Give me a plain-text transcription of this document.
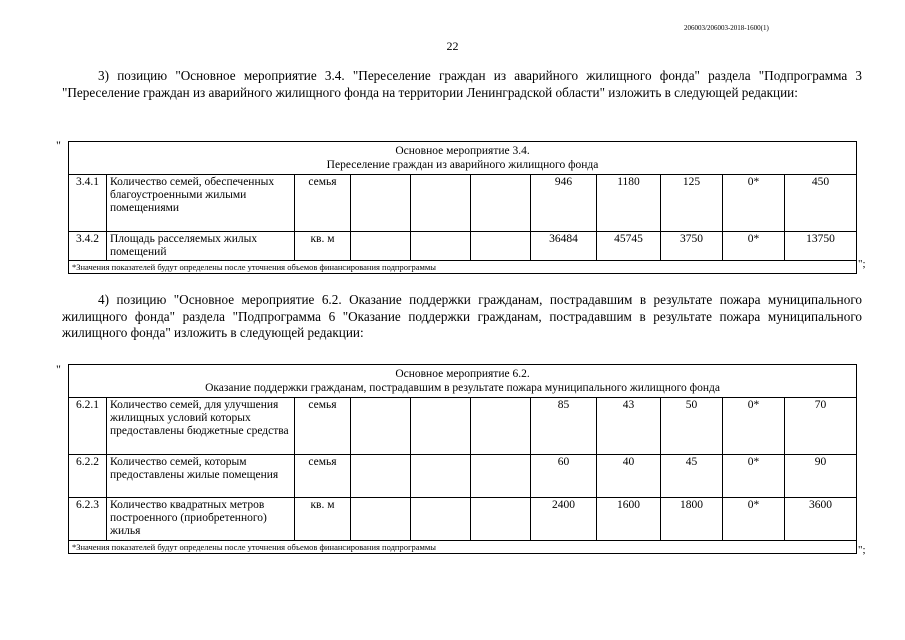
206003/206003-2018-1600(1)
22
3) позицию "Основное мероприятие 3.4. "Переселение граждан из аварийного жилищного фонда" раздела "Подпрограмма 3 "Переселение граждан из аварийного жилищного фонда на территории Ленинградской области" изложить в следующей редакции:
"	Основное мероприятие 3.4.
Переселение граждан из аварийного жилищного фонда										

3.4.1	Количество семей, обеспеченных благоустроенными жилыми помещениями	семья				946	1180	125	0*	450
3.4.2	Площадь расселяемых жилых помещений	кв. м				36484	45745	3750	0*	13750
*Значения показателей будут определены после уточнения объемов финансирования подпрограммы											";
4) позицию "Основное мероприятие 6.2. Оказание поддержки гражданам, пострадавшим в результате пожара муниципального жилищного фонда" раздела "Подпрограмма 6 "Оказание поддержки гражданам, пострадавшим в результате пожара муниципального жилищного фонда" изложить в следующей редакции:
"	Основное мероприятие 6.2.
Оказание поддержки гражданам, пострадавшим в результате пожара муниципального жилищного фонда										

6.2.1	Количество семей, для улучшения жилищных условий которых предоставлены бюджетные средства	семья				85	43	50	0*	70
6.2.2	Количество семей, которым предоставлены жилые помещения	семья				60	40	45	0*	90
6.2.3	Количество квадратных метров построенного (приобретенного) жилья	кв. м				2400	1600	1800	0*	3600
*Значения показателей будут определены после уточнения объемов финансирования подпрограммы											";
